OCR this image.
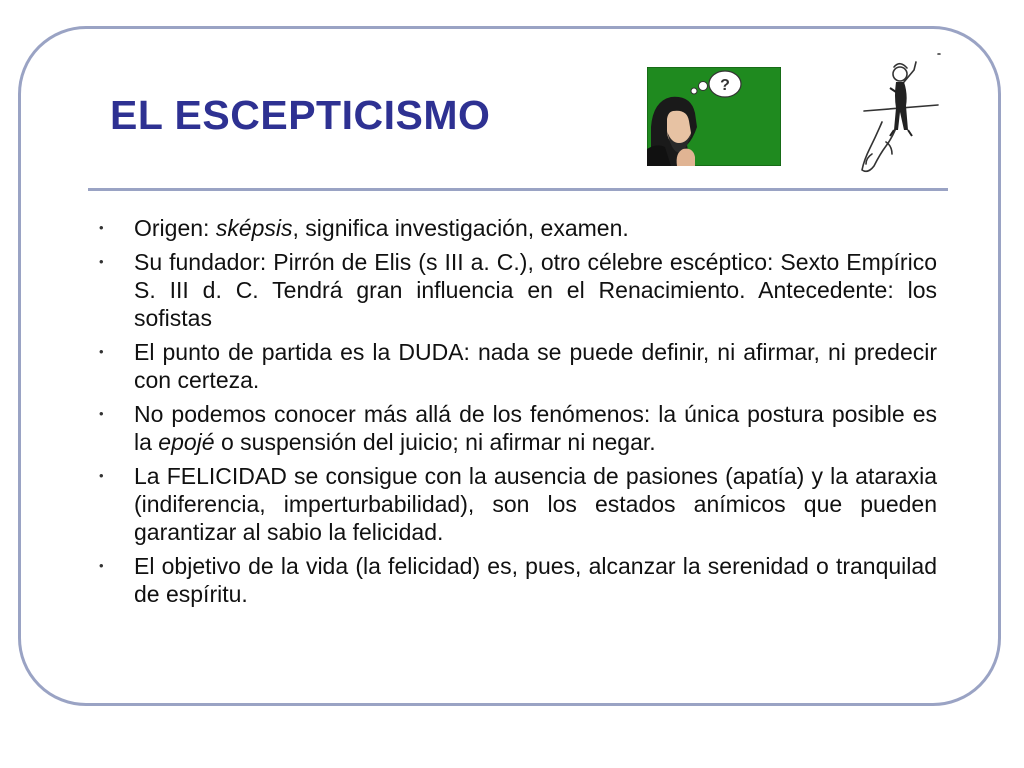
EL ESCEPTICISMO
?
• Origen: sképsis, significa investigación, examen.
• Su fundador: Pirrón de Elis (s III a. C.), otro célebre escéptico: Sexto Empírico S. III d. C. Tendrá gran influencia en el Renacimiento. Antecedente: los sofistas
• El punto de partida es la DUDA: nada se puede definir, ni afirmar, ni predecir con certeza.
• No podemos conocer más allá de los fenómenos: la única postura posible es la epojé o suspensión del juicio; ni afirmar ni negar.
• La FELICIDAD se consigue con la ausencia de pasiones (apatía) y la ataraxia (indiferencia, imperturbabilidad), son los estados anímicos que pueden garantizar al sabio la felicidad.
• El objetivo de la vida (la felicidad) es, pues, alcanzar la serenidad o tranquilad de espíritu.
